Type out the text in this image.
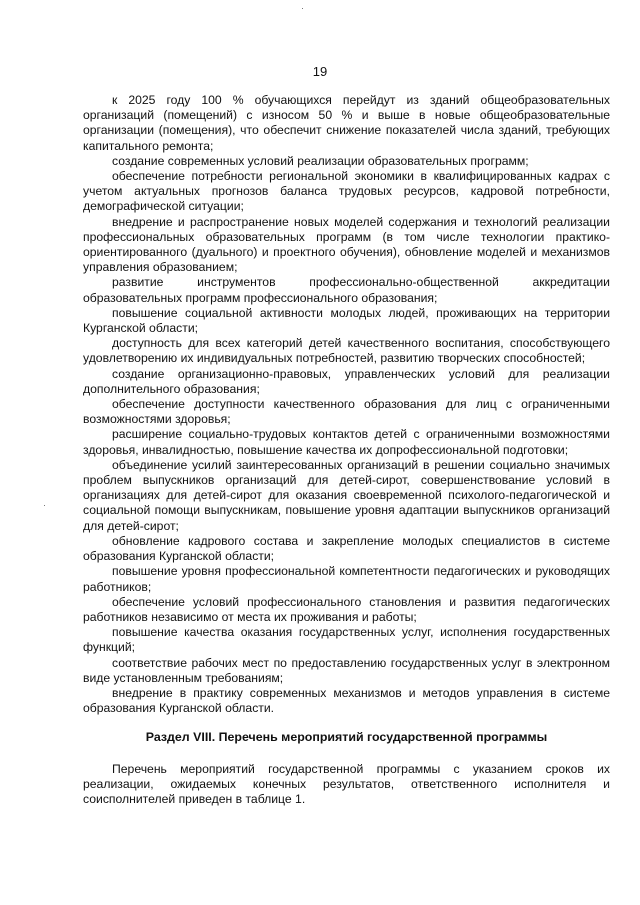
19

к 2025 году 100 % обучающихся перейдут из зданий общеобразовательных организаций (помещений) с износом 50 % и выше в новые общеобразовательные организации (помещения), что обеспечит снижение показателей числа зданий, требующих капитального ремонта;

создание современных условий реализации образовательных программ;

обеспечение потребности региональной экономики в квалифицированных кадрах с учетом актуальных прогнозов баланса трудовых ресурсов, кадровой потребности, демографической ситуации;

внедрение и распространение новых моделей содержания и технологий реализации профессиональных образовательных программ (в том числе технологии практико-ориентированного (дуального) и проектного обучения), обновление моделей и механизмов управления образованием;

развитие инструментов профессионально-общественной аккредитации образовательных программ профессионального образования;

повышение социальной активности молодых людей, проживающих на территории Курганской области;

доступность для всех категорий детей качественного воспитания, способствующего удовлетворению их индивидуальных потребностей, развитию творческих способностей;

создание организационно-правовых, управленческих условий для реализации дополнительного образования;

обеспечение доступности качественного образования для лиц с ограниченными возможностями здоровья;

расширение социально-трудовых контактов детей с ограниченными возможностями здоровья, инвалидностью, повышение качества их допрофессиональной подготовки;

объединение усилий заинтересованных организаций в решении социально значимых проблем выпускников организаций для детей-сирот, совершенствование условий в организациях для детей-сирот для оказания своевременной психолого-педагогической и социальной помощи выпускникам, повышение уровня адаптации выпускников организаций для детей-сирот;

обновление кадрового состава и закрепление молодых специалистов в системе образования Курганской области;

повышение уровня профессиональной компетентности педагогических и руководящих работников;

обеспечение условий профессионального становления и развития педагогических работников независимо от места их проживания и работы;

повышение качества оказания государственных услуг, исполнения государственных функций;

соответствие рабочих мест по предоставлению государственных услуг в электронном виде установленным требованиям;

внедрение в практику современных механизмов и методов управления в системе образования Курганской области.

Раздел VIII. Перечень мероприятий государственной программы

Перечень мероприятий государственной программы с указанием сроков их реализации, ожидаемых конечных результатов, ответственного исполнителя и соисполнителей приведен в таблице 1.
